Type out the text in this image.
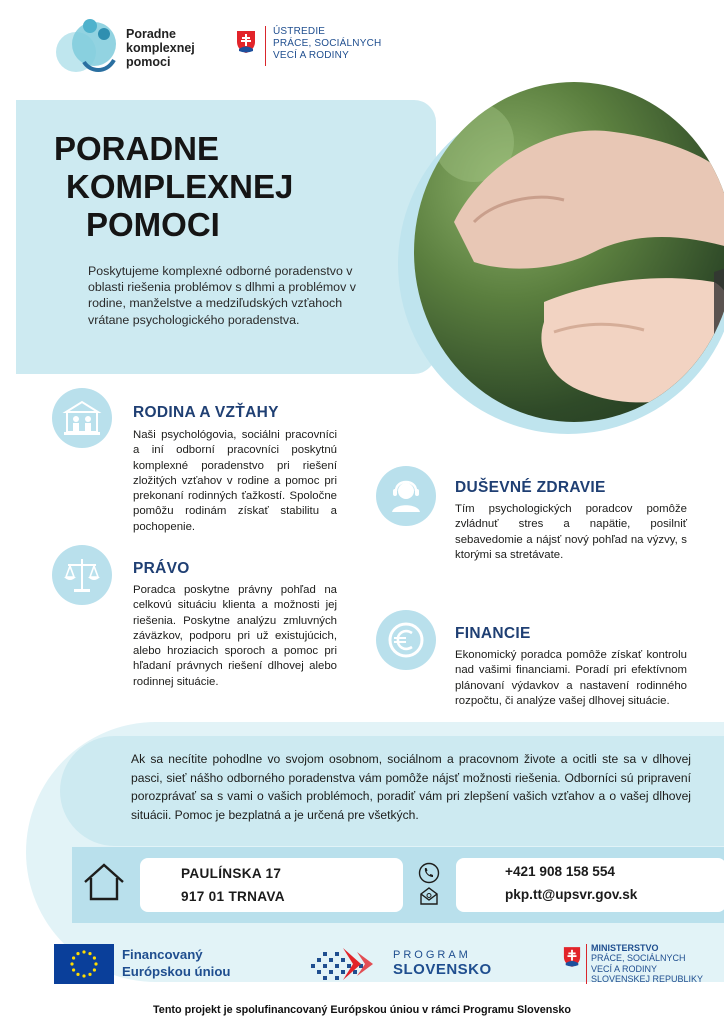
Poradne
komplexnej
pomoci
ÚSTREDIE
PRÁCE, SOCIÁLNYCH
VECÍ A RODINY
PORADNE
KOMPLEXNEJ
POMOCI
Poskytujeme komplexné odborné poradenstvo v oblasti riešenia problémov s dlhmi a problémov v rodine, manželstve a medziľudských vzťahoch vrátane psychologického poradenstva.
RODINA A VZŤAHY
Naši psychológovia, sociálni pracovníci a iní odborní pracovníci poskytnú komplexné poradenstvo pri riešení zložitých vzťahov v rodine a pomoc pri prekonaní rodinných ťažkostí. Spoločne pomôžu rodinám získať stabilitu a pochopenie.
DUŠEVNÉ ZDRAVIE
Tím psychologických poradcov pomôže zvládnuť stres a napätie, posilniť sebavedomie a nájsť nový pohľad na výzvy, s ktorými sa stretávate.
PRÁVO
Poradca poskytne právny pohľad na celkovú situáciu klienta a možnosti jej riešenia. Poskytne analýzu zmluvných záväzkov, podporu pri už existujúcich, alebo hroziacich sporoch a pomoc pri hľadaní právnych riešení dlhovej alebo rodinnej situácie.
FINANCIE
Ekonomický poradca pomôže získať kontrolu nad vašimi financiami. Poradí pri efektívnom plánovaní výdavkov a nastavení rodinného rozpočtu, či analýze vašej dlhovej situácie.
Ak sa necítite pohodlne vo svojom osobnom, sociálnom a pracovnom živote a ocitli ste sa v dlhovej pasci, sieť nášho odborného poradenstva vám pomôže nájsť možnosti riešenia. Odborníci sú pripravení porozprávať sa s vami o vašich problémoch, poradiť vám pri zlepšení vašich vzťahov a o vašej dlhovej situácii. Pomoc je bezplatná a je určená pre všetkých.
PAULÍNSKA 17
917 01 TRNAVA
+421 908 158 554
pkp.tt@upsvr.gov.sk
Financovaný
Európskou úniou
PROGRAM
SLOVENSKO
MINISTERSTVO
PRÁCE, SOCIÁLNYCH
VECÍ A RODINY
SLOVENSKEJ REPUBLIKY
Tento projekt je spolufinancovaný Európskou úniou v rámci Programu Slovensko
